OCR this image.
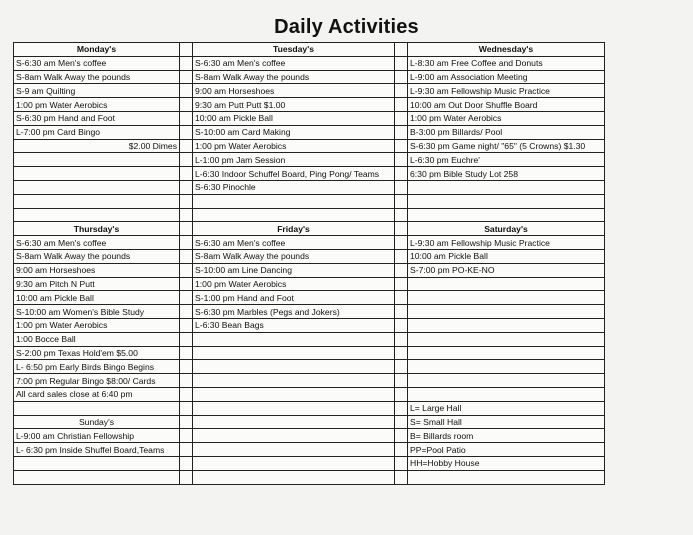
Daily Activities
Monday's		Tuesday's		Wednesday's
S-6:30 am Men's coffee		S-6:30 am Men's coffee		L-8:30 am Free Coffee and Donuts
S-8am Walk Away the pounds		S-8am Walk Away the pounds		L-9:00 am Association Meeting
S-9 am Quilting		9:00 am Horseshoes		L-9:30 am Fellowship Music Practice
1:00 pm Water Aerobics		9:30 am Putt Putt $1.00		10:00 am Out Door Shuffle Board
S-6:30 pm Hand and Foot		10:00 am Pickle Ball		1:00 pm Water Aerobics
L-7:00 pm Card Bingo		S-10:00 am Card Making		B-3:00 pm Billards/ Pool
$2.00 Dimes		1:00 pm Water Aerobics		S-6:30 pm Game night/ "65" (5 Crowns) $1.30
		L-1:00 pm Jam Session		L-6:30 pm Euchre'
		L-6:30 Indoor Schuffel Board, Ping Pong/ Teams		6:30 pm Bible Study Lot 258
		S-6:30 Pinochle		

Thursday's		Friday's		Saturday's
S-6:30 am Men's coffee		S-6:30 am Men's coffee		L-9:30 am Fellowship Music Practice
S-8am Walk Away the pounds		S-8am Walk Away the pounds		10:00 am Pickle Ball
9:00 am Horseshoes		S-10:00 am Line Dancing		S-7:00 pm PO-KE-NO
9:30 am Pitch N Putt		1:00 pm Water Aerobics		
10:00 am Pickle Ball		S-1:00 pm Hand and Foot		
S-10:00 am Women's Bible Study		S-6:30 pm Marbles (Pegs and Jokers)		
1:00 pm Water Aerobics		L-6:30 Bean Bags		
1:00 Bocce Ball				
S-2:00 pm Texas Hold'em $5.00				
L- 6:50 pm Early Birds Bingo Begins				
7:00 pm Regular Bingo $8:00/ Cards				
All card sales close at 6:40 pm				
				L= Large Hall
Sunday's				S= Small Hall
L-9:00 am Christian Fellowship				B= Billards room
L- 6:30 pm Inside Shuffel Board,Teams				PP=Pool Patio
				HH=Hobby House
